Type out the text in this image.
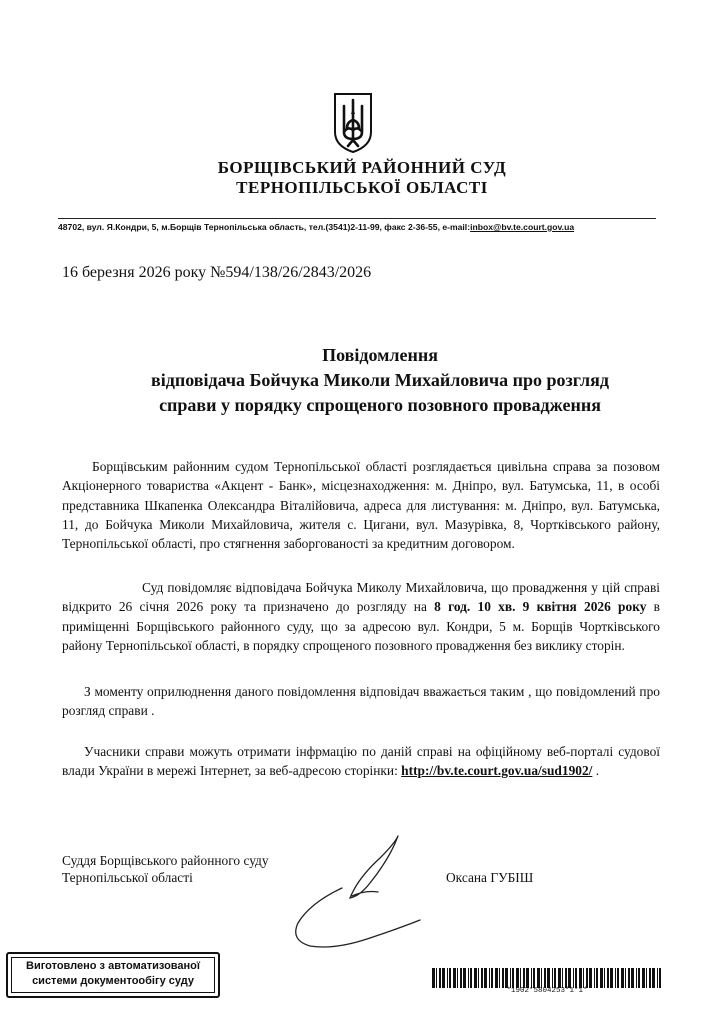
БОРЩІВСЬКИЙ РАЙОННИЙ СУД
ТЕРНОПІЛЬСЬКОЇ ОБЛАСТІ
48702, вул. Я.Кондри, 5, м.Борщів Тернопільська область, тел.(3541)2-11-99, факс 2-36-55, e-mail:inbox@bv.te.court.gov.ua
16 березня 2026 року №594/138/26/2843/2026
Повідомлення
відповідача Бойчука Миколи Михайловича про розгляд
справи у порядку спрощеного позовного провадження
Борщівським районним судом Тернопільської області розглядається цивільна справа за позовом Акціонерного товариства «Акцент - Банк», місцезнаходження: м. Дніпро, вул. Батумська, 11, в особі представника Шкапенка Олександра Віталійовича, адреса для листування: м. Дніпро, вул. Батумська, 11, до Бойчука Миколи Михайловича, жителя с. Цигани, вул. Мазурівка, 8, Чортківського району, Тернопільської області, про стягнення заборгованості за кредитним договором.
Суд повідомляє відповідача Бойчука Миколу Михайловича, що провадження у цій справі відкрито 26 січня 2026 року та призначено до розгляду на 8 год. 10 хв. 9 квітня 2026 року в приміщенні Борщівського районного суду, що за адресою вул. Кондри, 5 м. Борщів Чортківського району Тернопільської області, в порядку спрощеного позовного провадження без виклику сторін.
З моменту оприлюднення даного повідомлення відповідач вважається таким , що повідомлений про розгляд справи .
Учасники справи можуть отримати інфрмацію по даній справі на офіційному веб-порталі судової влади України в мережі Інтернет, за веб-адресою сторінки: http://bv.te.court.gov.ua/sud1902/ .
Суддя Борщівського районного суду
Тернопільської області	Оксана ГУБІШ
Виготовлено з автоматизованої
системи документообігу суду
*1902*5804253*1*1*
